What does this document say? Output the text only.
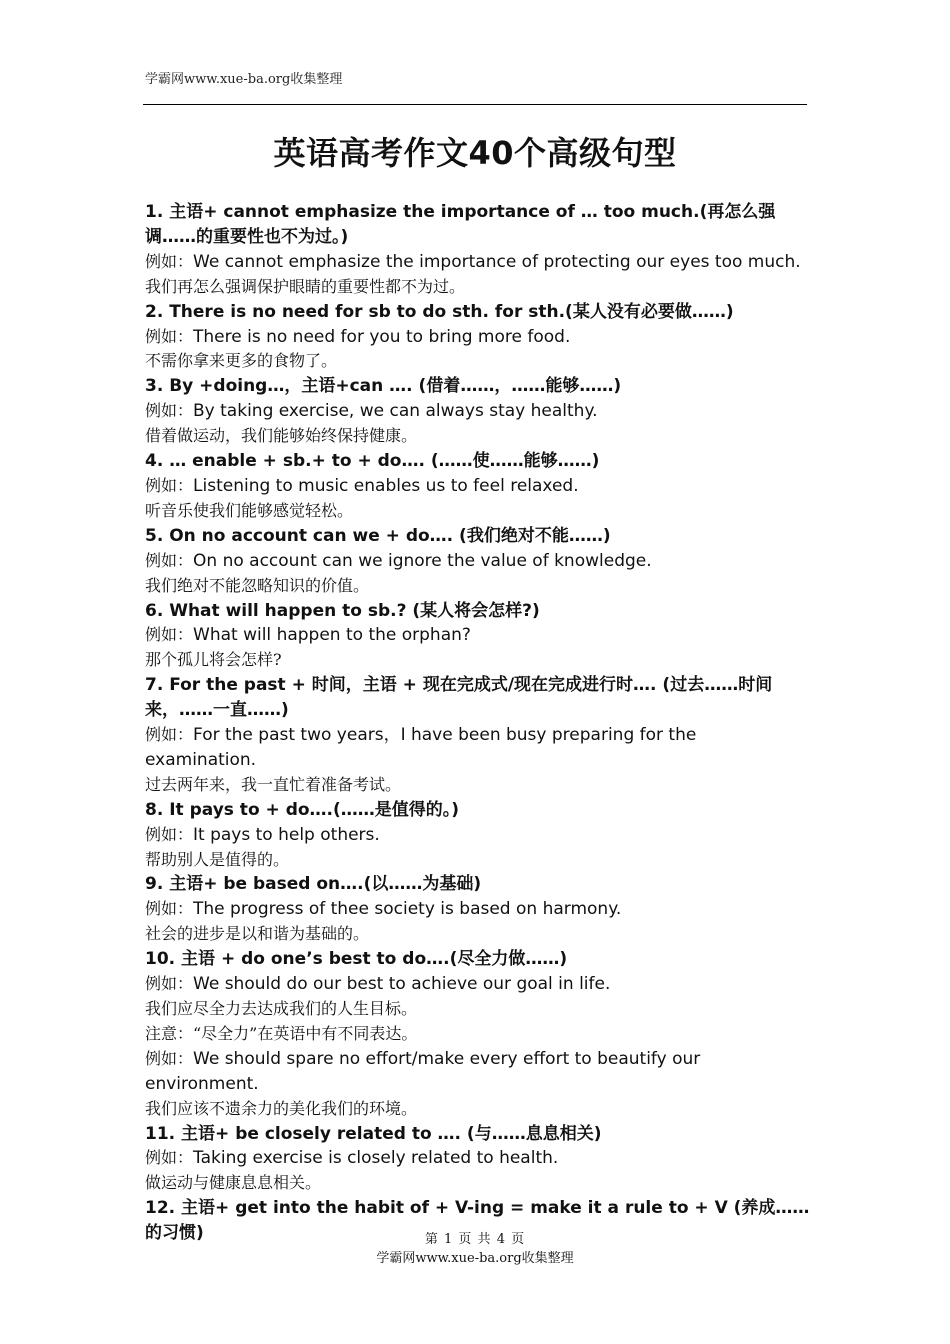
学霸网www.xue-ba.org收集整理
英语高考作文40个高级句型

1. 主语+ cannot emphasize the importance of … too much.(再怎么强调……的重要性也不为过。)

例如：We cannot emphasize the importance of protecting our eyes too much.

我们再怎么强调保护眼睛的重要性都不为过。

2. There is no need for sb to do sth. for sth.(某人没有必要做……)

例如：There is no need for you to bring more food.

不需你拿来更多的食物了。

3. By +doing…，主语+can …. (借着……，……能够……)

例如：By taking exercise, we can always stay healthy.

借着做运动，我们能够始终保持健康。

4. … enable + sb.+ to + do…. (……使……能够……)

例如：Listening to music enables us to feel relaxed.

听音乐使我们能够感觉轻松。

5. On no account can we + do…. (我们绝对不能……)

例如：On no account can we ignore the value of knowledge.

我们绝对不能忽略知识的价值。

6. What will happen to sb.? (某人将会怎样?)

例如：What will happen to the orphan?

那个孤儿将会怎样?

7. For the past + 时间，主语 + 现在完成式/现在完成进行时…. (过去……时间来，……一直……)

例如：For the past two years，I have been busy preparing for the examination.

过去两年来，我一直忙着准备考试。

8. It pays to + do….(……是值得的。)

例如：It pays to help others.

帮助别人是值得的。

9. 主语+ be based on….(以……为基础)

例如：The progress of thee society is based on harmony.

社会的进步是以和谐为基础的。

10. 主语 + do one’s best to do….(尽全力做……)

例如：We should do our best to achieve our goal in life.

我们应尽全力去达成我们的人生目标。

注意：“尽全力”在英语中有不同表达。

例如：We should spare no effort/make every effort to beautify our environment.

我们应该不遗余力的美化我们的环境。

11. 主语+ be closely related to …. (与……息息相关)

例如：Taking exercise is closely related to health.

做运动与健康息息相关。

12. 主语+ get into the habit of + V-ing = make it a rule to + V (养成……的习惯)	第 1 页 共 4 页
学霸网www.xue-ba.org收集整理
